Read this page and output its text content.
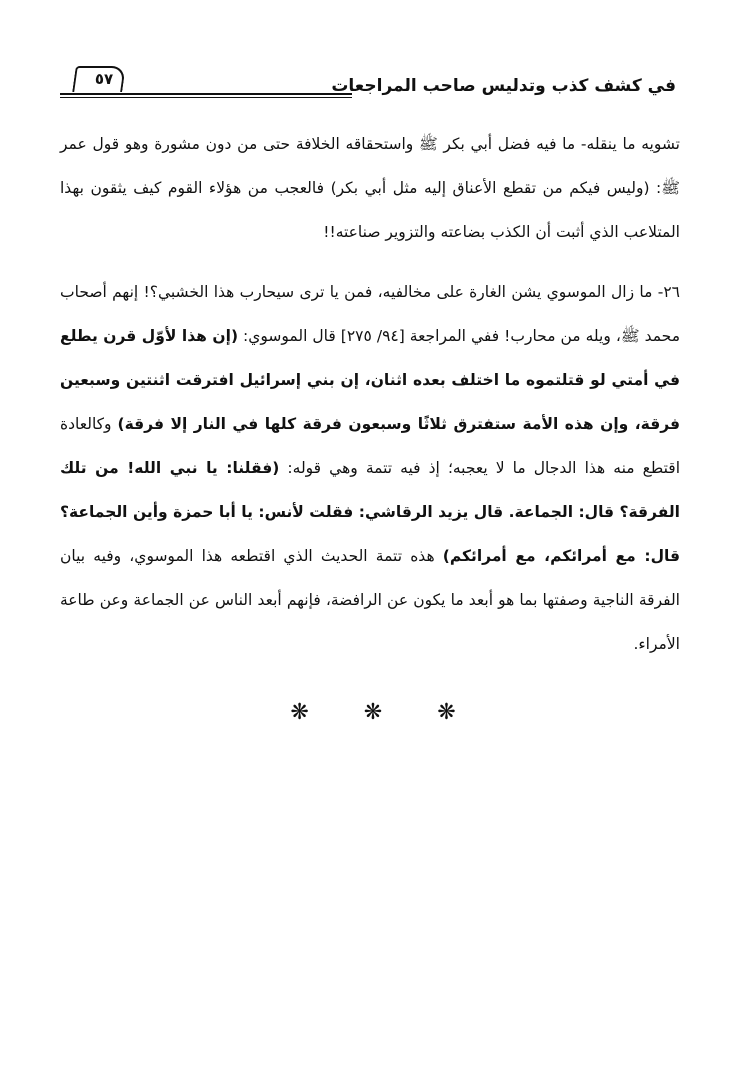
٥٧	في كشف كذب وتدليس صاحب المراجعات

تشويه ما ينقله- ما فيه فضل أبي بكر ﷺ واستحقاقه الخلافة حتى من دون مشورة وهو قول عمر ﷺ: (وليس فيكم من تقطع الأعناق إليه مثل أبي بكر) فالعجب من هؤلاء القوم كيف يثقون بهذا المتلاعب الذي أثبت أن الكذب بضاعته والتزوير صناعته!!

٢٦- ما زال الموسوي يشن الغارة على مخالفيه، فمن يا ترى سيحارب هذا الخشبي؟! إنهم أصحاب محمد ﷺ، ويله من محارب! ففي المراجعة [٩٤/ ٢٧٥] قال الموسوي: (إن هذا لأوّل قرن يطلع في أمتي لو قتلتموه ما اختلف بعده اثنان، إن بني إسرائيل افترقت اثنتين وسبعين فرقة، وإن هذه الأمة ستفترق ثلاثًا وسبعون فرقة كلها في النار إلا فرقة) وكالعادة اقتطع منه هذا الدجال ما لا يعجبه؛ إذ فيه تتمة وهي قوله: (فقلنا: يا نبي الله! من تلك الفرقة؟ قال: الجماعة. قال يزيد الرقاشي: فقلت لأنس: يا أبا حمزة وأين الجماعة؟ قال: مع أمرائكم، مع أمرائكم) هذه تتمة الحديث الذي اقتطعه هذا الموسوي، وفيه بيان الفرقة الناجية وصفتها بما هو أبعد ما يكون عن الرافضة، فإنهم أبعد الناس عن الجماعة وعن طاعة الأمراء.

❋	❋	❋
